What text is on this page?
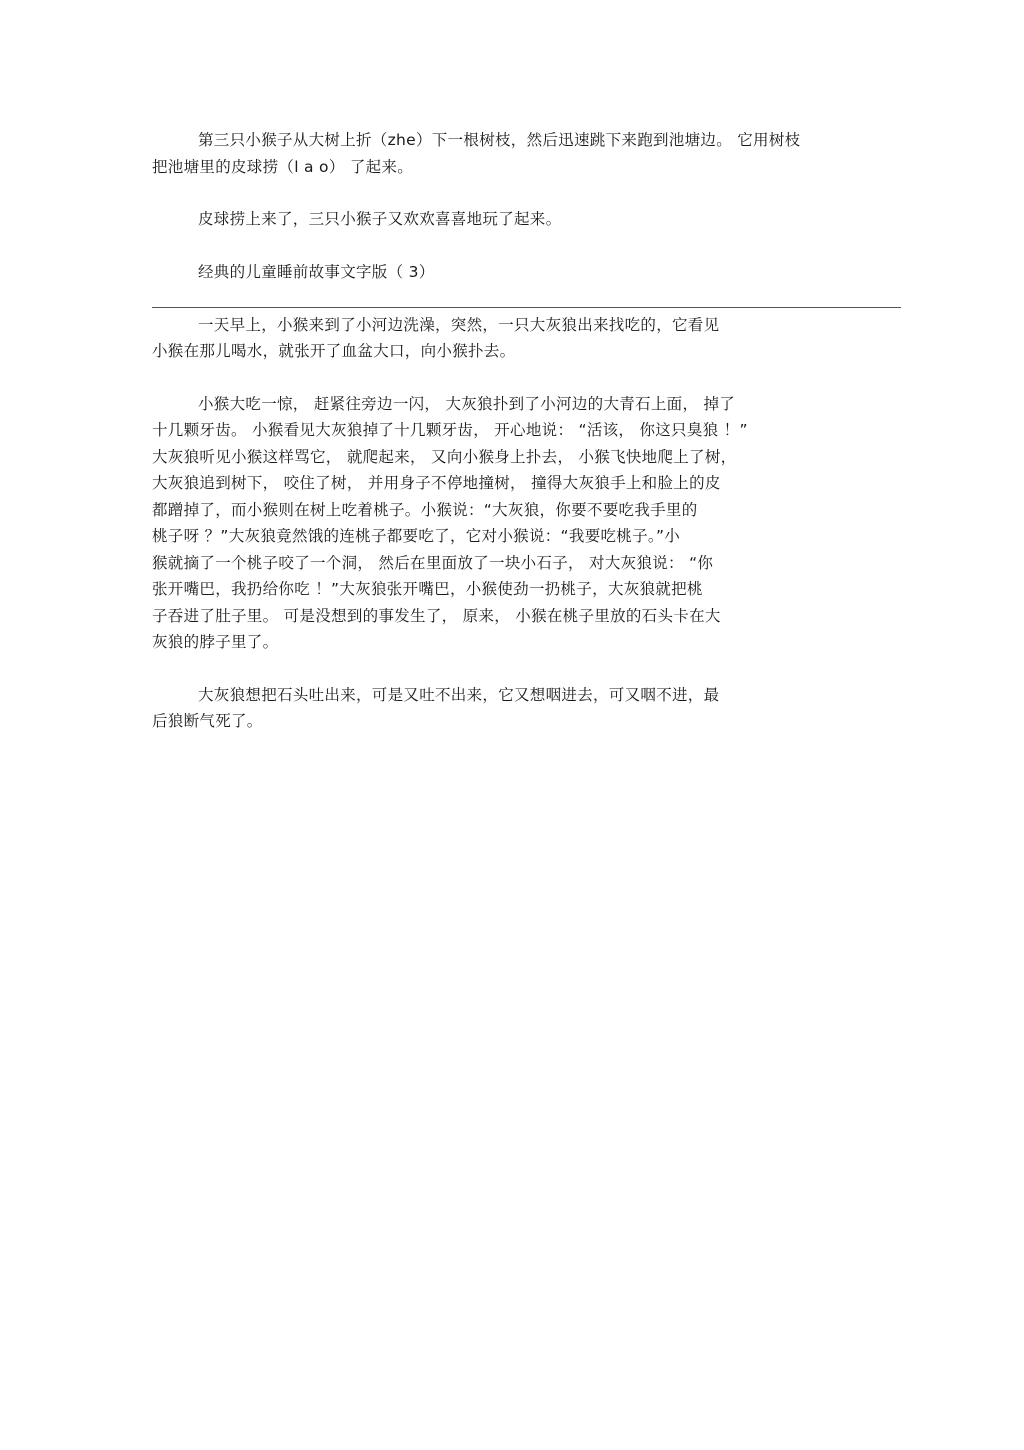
第三只小猴子从大树上折（zhe）下一根树枝，然后迅速跳下来跑到池塘边。 它用树枝
把池塘里的皮球捞（l a o） 了起来。
皮球捞上来了，三只小猴子又欢欢喜喜地玩了起来。
经典的儿童睡前故事文字版（ 3）
一天早上，小猴来到了小河边洗澡，突然，一只大灰狼出来找吃的，它看见
小猴在那儿喝水，就张开了血盆大口，向小猴扑去。
小猴大吃一惊， 赶紧往旁边一闪， 大灰狼扑到了小河边的大青石上面， 掉了
十几颗牙齿。 小猴看见大灰狼掉了十几颗牙齿， 开心地说： “活该， 你这只臭狼 ！”
大灰狼听见小猴这样骂它， 就爬起来， 又向小猴身上扑去， 小猴飞快地爬上了树，
大灰狼追到树下， 咬住了树， 并用身子不停地撞树， 撞得大灰狼手上和脸上的皮
都蹭掉了，而小猴则在树上吃着桃子。小猴说：“大灰狼，你要不要吃我手里的
桃子呀 ？”大灰狼竟然饿的连桃子都要吃了，它对小猴说：“我要吃桃子。”小
猴就摘了一个桃子咬了一个洞， 然后在里面放了一块小石子， 对大灰狼说： “你
张开嘴巴，我扔给你吃 ！”大灰狼张开嘴巴，小猴使劲一扔桃子，大灰狼就把桃
子吞进了肚子里。 可是没想到的事发生了， 原来， 小猴在桃子里放的石头卡在大
灰狼的脖子里了。
大灰狼想把石头吐出来，可是又吐不出来，它又想咽进去，可又咽不进，最
后狼断气死了。
